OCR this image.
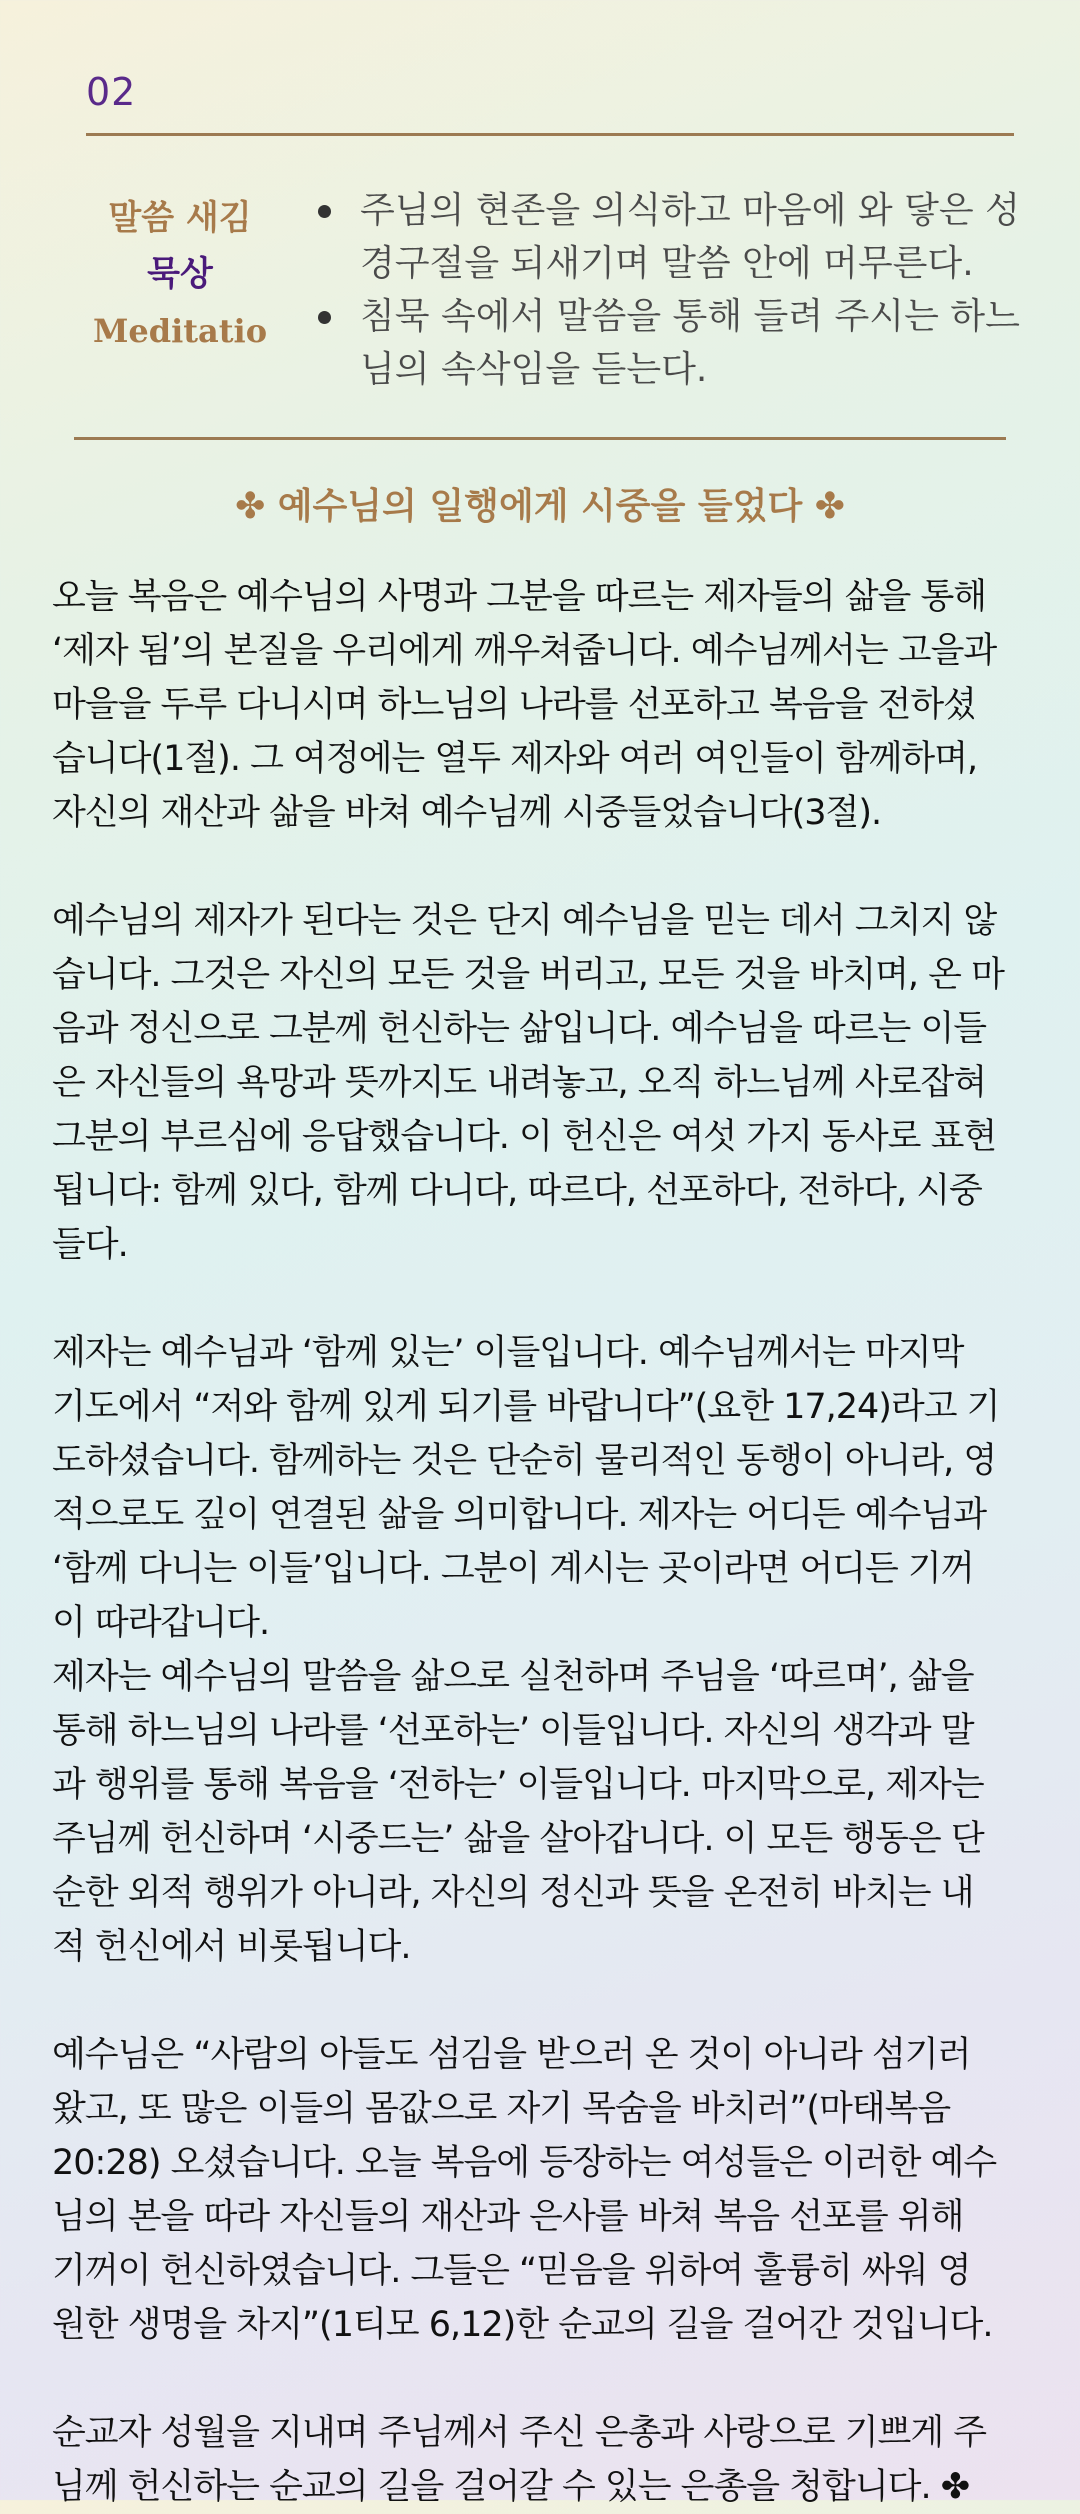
02
말씀 새김
묵상
Meditatio
주님의 현존을 의식하고 마음에 와 닿은 성경구절을 되새기며 말씀 안에 머무른다.
침묵 속에서 말씀을 통해 들려 주시는 하느님의 속삭임을 듣는다.
✤ 예수님의 일행에게 시중을 들었다 ✤

오늘 복음은 예수님의 사명과 그분을 따르는 제자들의 삶을 통해
‘제자 됨’의 본질을 우리에게 깨우쳐줍니다. 예수님께서는 고을과
마을을 두루 다니시며 하느님의 나라를 선포하고 복음을 전하셨
습니다(1절). 그 여정에는 열두 제자와 여러 여인들이 함께하며,
자신의 재산과 삶을 바쳐 예수님께 시중들었습니다(3절).

예수님의 제자가 된다는 것은 단지 예수님을 믿는 데서 그치지 않
습니다. 그것은 자신의 모든 것을 버리고, 모든 것을 바치며, 온 마
음과 정신으로 그분께 헌신하는 삶입니다. 예수님을 따르는 이들
은 자신들의 욕망과 뜻까지도 내려놓고, 오직 하느님께 사로잡혀
그분의 부르심에 응답했습니다. 이 헌신은 여섯 가지 동사로 표현
됩니다: 함께 있다, 함께 다니다, 따르다, 선포하다, 전하다, 시중
들다.

제자는 예수님과 ‘함께 있는’ 이들입니다. 예수님께서는 마지막
기도에서 “저와 함께 있게 되기를 바랍니다”(요한 17,24)라고 기
도하셨습니다. 함께하는 것은 단순히 물리적인 동행이 아니라, 영
적으로도 깊이 연결된 삶을 의미합니다. 제자는 어디든 예수님과
‘함께 다니는 이들’입니다. 그분이 계시는 곳이라면 어디든 기꺼
이 따라갑니다.

제자는 예수님의 말씀을 삶으로 실천하며 주님을 ‘따르며’, 삶을
통해 하느님의 나라를 ‘선포하는’ 이들입니다. 자신의 생각과 말
과 행위를 통해 복음을 ‘전하는’ 이들입니다. 마지막으로, 제자는
주님께 헌신하며 ‘시중드는’ 삶을 살아갑니다. 이 모든 행동은 단
순한 외적 행위가 아니라, 자신의 정신과 뜻을 온전히 바치는 내
적 헌신에서 비롯됩니다.

예수님은 “사람의 아들도 섬김을 받으러 온 것이 아니라 섬기러
왔고, 또 많은 이들의 몸값으로 자기 목숨을 바치러”(마태복음
20:28) 오셨습니다. 오늘 복음에 등장하는 여성들은 이러한 예수
님의 본을 따라 자신들의 재산과 은사를 바쳐 복음 선포를 위해
기꺼이 헌신하였습니다. 그들은 “믿음을 위하여 훌륭히 싸워 영
원한 생명을 차지”(1티모 6,12)한 순교의 길을 걸어간 것입니다.

순교자 성월을 지내며 주님께서 주신 은총과 사랑으로 기쁘게 주
님께 헌신하는 순교의 길을 걸어갈 수 있는 은총을 청합니다. ✤
